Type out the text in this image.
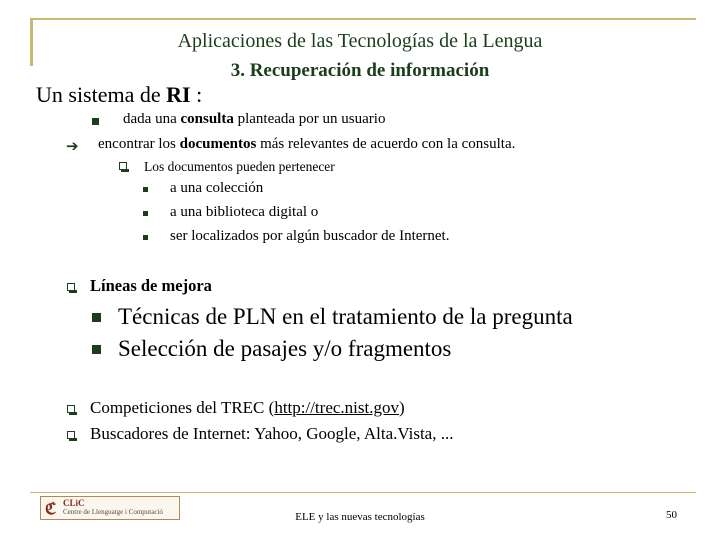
Aplicaciones de las Tecnologías de la Lengua
3. Recuperación de información
Un sistema de RI :
dada una consulta planteada por un usuario
➔ encontrar los documentos más relevantes de acuerdo con la consulta.
Los documentos pueden pertenecer
a una colección
a una biblioteca digital o
ser localizados por algún buscador de Internet.
Líneas de mejora
Técnicas de PLN en el tratamiento de la pregunta
Selección de pasajes y/o fragmentos
Competiciones del TREC (http://trec.nist.gov)
Buscadores de Internet: Yahoo, Google, Alta.Vista, ...
ℭ CLiC
Centre de Llenguatge i Computació	ELE y las nuevas tecnologías	50
